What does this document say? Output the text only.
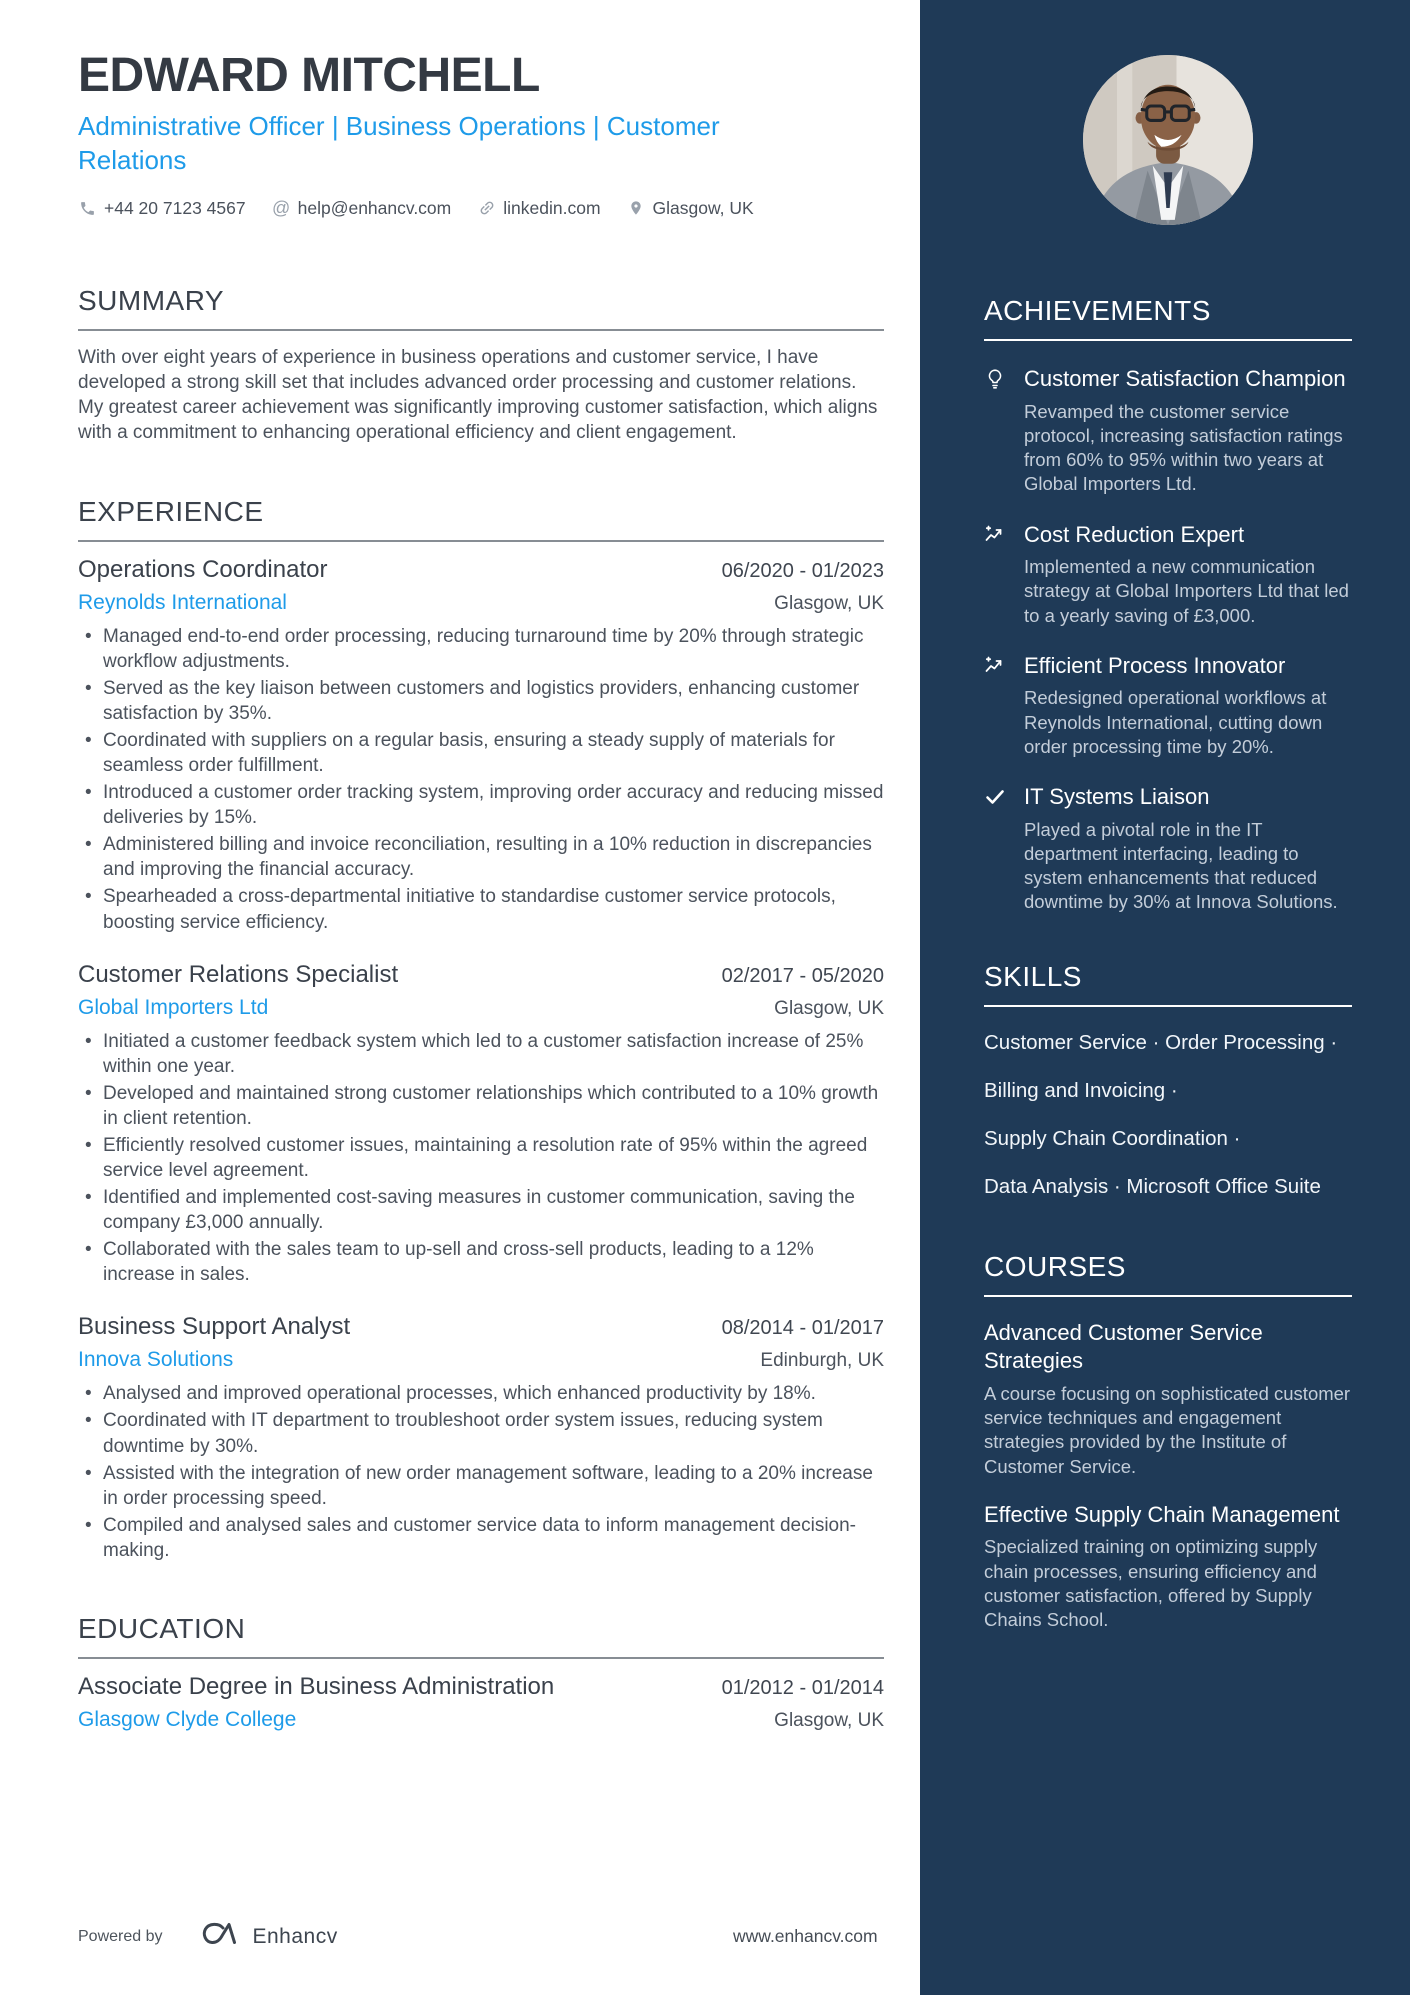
EDWARD MITCHELL
Administrative Officer | Business Operations | Customer Relations
+44 20 7123 4567 @ help@enhancv.com	linkedin.com	Glasgow, UK
SUMMARY

With over eight years of experience in business operations and customer service, I have developed a strong skill set that includes advanced order processing and customer relations. My greatest career achievement was significantly improving customer satisfaction, which aligns with a commitment to enhancing operational efficiency and client engagement.

EXPERIENCE
Operations Coordinator	06/2020 - 01/2023
Reynolds International	Glasgow, UK
• Managed end-to-end order processing, reducing turnaround time by 20% through strategic workflow adjustments.
• Served as the key liaison between customers and logistics providers, enhancing customer satisfaction by 35%.
• Coordinated with suppliers on a regular basis, ensuring a steady supply of materials for seamless order fulfillment.
• Introduced a customer order tracking system, improving order accuracy and reducing missed deliveries by 15%.
• Administered billing and invoice reconciliation, resulting in a 10% reduction in discrepancies and improving the financial accuracy.
• Spearheaded a cross-departmental initiative to standardise customer service protocols, boosting service efficiency.
Customer Relations Specialist	02/2017 - 05/2020
Global Importers Ltd	Glasgow, UK
• Initiated a customer feedback system which led to a customer satisfaction increase of 25% within one year.
• Developed and maintained strong customer relationships which contributed to a 10% growth in client retention.
• Efficiently resolved customer issues, maintaining a resolution rate of 95% within the agreed service level agreement.
• Identified and implemented cost-saving measures in customer communication, saving the company £3,000 annually.
• Collaborated with the sales team to up-sell and cross-sell products, leading to a 12% increase in sales.
Business Support Analyst	08/2014 - 01/2017
Innova Solutions	Edinburgh, UK
• Analysed and improved operational processes, which enhanced productivity by 18%.
• Coordinated with IT department to troubleshoot order system issues, reducing system downtime by 30%.
• Assisted with the integration of new order management software, leading to a 20% increase in order processing speed.
• Compiled and analysed sales and customer service data to inform management decision-making.
EDUCATION
Associate Degree in Business Administration	01/2012 - 01/2014
Glasgow Clyde College	Glasgow, UK
ACHIEVEMENTS
Customer Satisfaction Champion

Revamped the customer service protocol, increasing satisfaction ratings from 60% to 95% within two years at Global Importers Ltd.

Cost Reduction Expert

Implemented a new communication strategy at Global Importers Ltd that led to a yearly saving of £3,000.

Efficient Process Innovator

Redesigned operational workflows at Reynolds International, cutting down order processing time by 20%.

IT Systems Liaison

Played a pivotal role in the IT department interfacing, leading to system enhancements that reduced downtime by 30% at Innova Solutions.

SKILLS

Customer Service · Order Processing ·

Billing and Invoicing ·

Supply Chain Coordination ·

Data Analysis · Microsoft Office Suite

COURSES
Advanced Customer Service Strategies

A course focusing on sophisticated customer service techniques and engagement strategies provided by the Institute of Customer Service.

Effective Supply Chain Management

Specialized training on optimizing supply chain processes, ensuring efficiency and customer satisfaction, offered by Supply Chains School.

Powered by	Enhancv	www.enhancv.com
